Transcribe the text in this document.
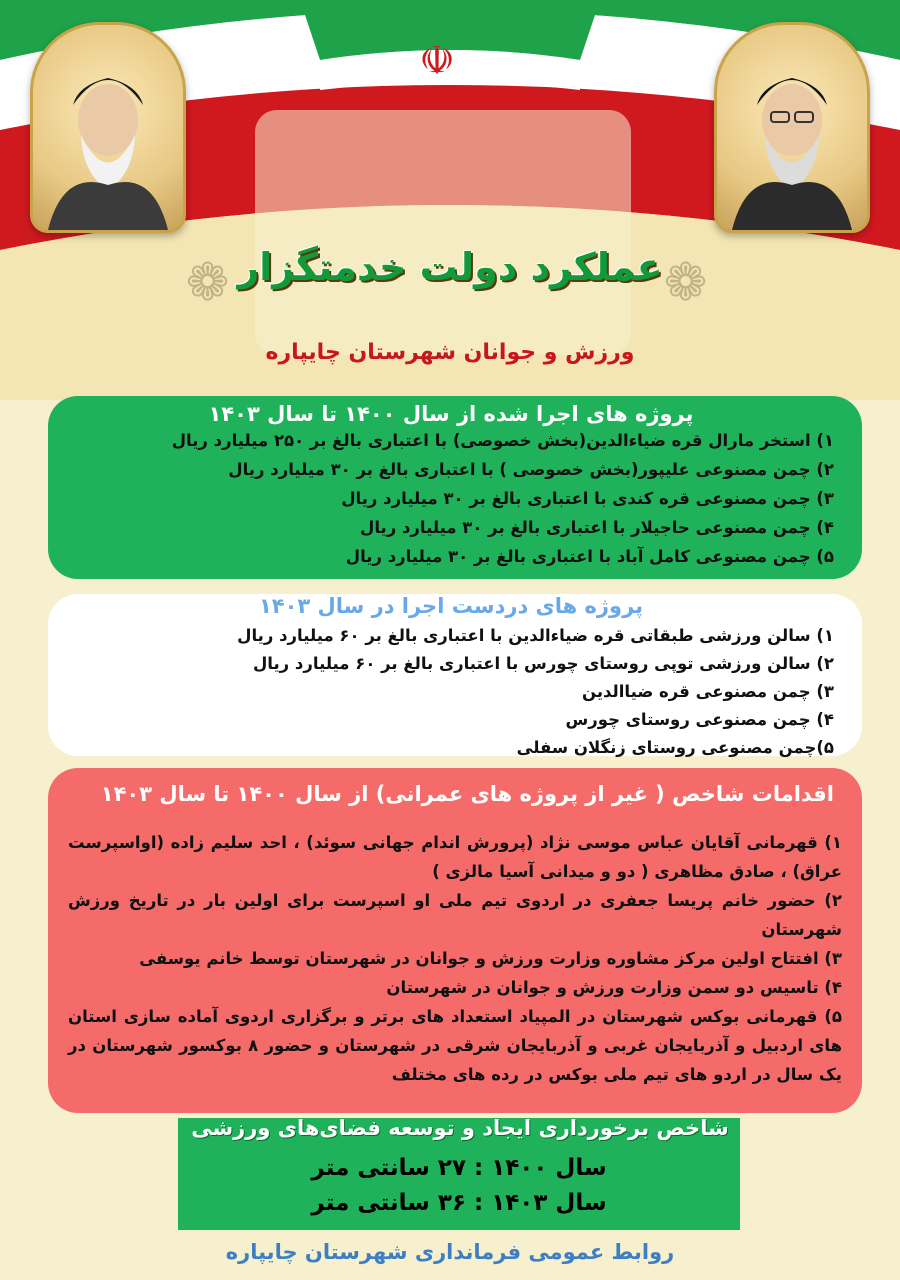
☫
❁	❁
عملکرد دولت خدمتگزار
ورزش و جوانان شهرستان چایپاره
پروژه های اجرا شده از سال ۱۴۰۰ تا سال ۱۴۰۳
۱) استخر مارال قره ضیاءالدین(بخش خصوصی) با اعتباری بالغ بر ۲۵۰ میلیارد ریال
۲) چمن مصنوعی علیپور(بخش خصوصی ) با اعتباری بالغ بر ۳۰ میلیارد ریال
۳) چمن مصنوعی قره کندی با اعتباری بالغ بر ۳۰ میلیارد ریال
۴) چمن مصنوعی حاجیلار با اعتباری بالغ بر ۳۰ میلیارد ریال
۵) چمن مصنوعی کامل آباد با اعتباری بالغ بر ۳۰ میلیارد ریال
پروژه های دردست اجرا در سال ۱۴۰۳
۱) سالن ورزشی طبقاتی قره ضیاءالدین با اعتباری بالغ بر ۶۰ میلیارد ریال
۲) سالن ورزشی توپی روستای چورس با اعتباری بالغ بر ۶۰ میلیارد ریال
۳) چمن مصنوعی قره ضیاالدین
۴) چمن مصنوعی روستای چورس
۵)چمن مصنوعی روستای زنگلان سفلی
اقدامات شاخص ( غیر از پروژه های عمرانی) از سال ۱۴۰۰ تا سال ۱۴۰۳
۱) قهرمانی آقایان عباس موسی نژاد (پرورش اندام جهانی سوئد) ، احد سلیم زاده (اواسپرست عراق) ، صادق مظاهری ( دو و میدانی آسیا مالزی )
۲) حضور خانم پریسا جعفری در اردوی تیم ملی او اسپرست برای اولین بار در تاریخ ورزش شهرستان
۳) افتتاح اولین مرکز مشاوره وزارت ورزش و جوانان در شهرستان توسط خانم یوسفی
۴) تاسیس دو سمن وزارت ورزش و جوانان در شهرستان
۵) قهرمانی بوکس شهرستان در المپیاد استعداد های برتر و برگزاری اردوی آماده سازی استان های اردبیل و آذربایجان غربی و آذربایجان شرقی در شهرستان و حضور ۸ بوکسور شهرستان در یک سال در اردو های تیم ملی بوکس در رده های مختلف
شاخص برخورداری ایجاد و توسعه فضای‌های ورزشی
سال ۱۴۰۰ : ۲۷ سانتی متر
سال ۱۴۰۳ : ۳۶ سانتی متر
روابط عمومی فرمانداری شهرستان چایپاره
